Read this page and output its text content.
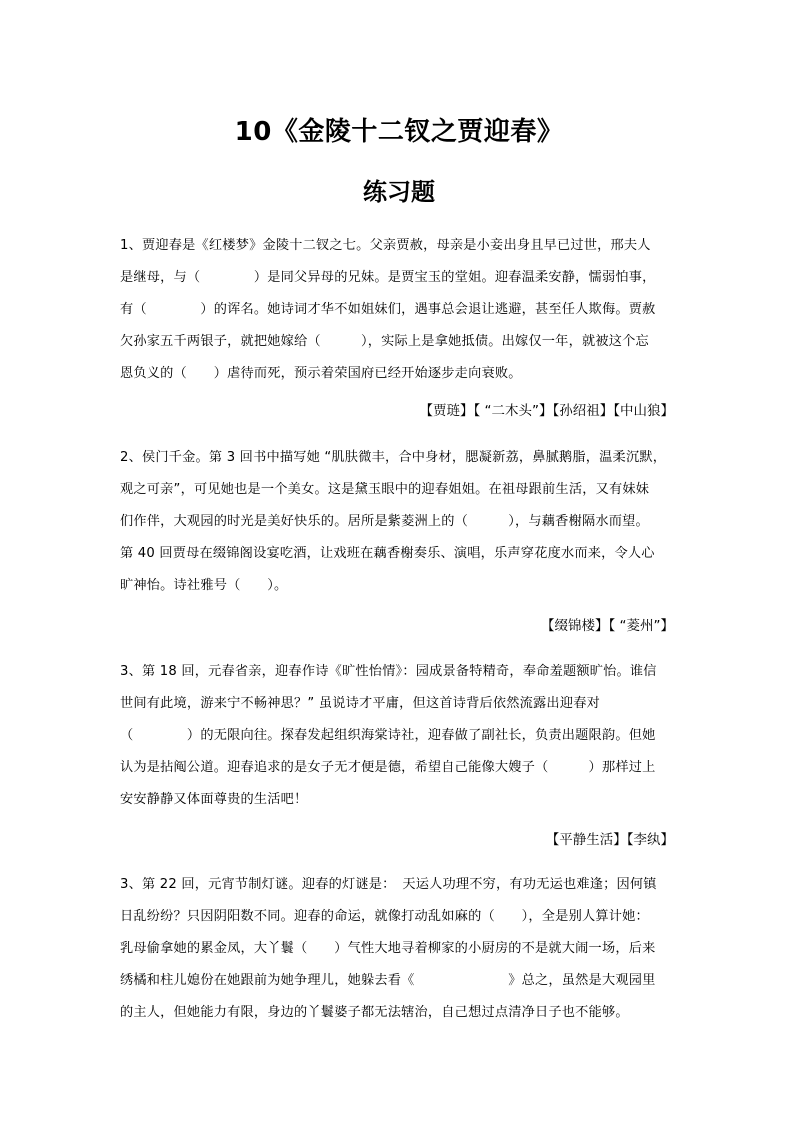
10《金陵十二钗之贾迎春》
练习题
1、贾迎春是《红楼梦》金陵十二钗之七。父亲贾赦，母亲是小妾出身且早已过世，邢夫人
是继母，与（　　　　）是同父异母的兄妹。是贾宝玉的堂姐。迎春温柔安静，懦弱怕事，
有（　　　　）的诨名。她诗词才华不如姐妹们，遇事总会退让逃避，甚至任人欺侮。贾赦
欠孙家五千两银子，就把她嫁给（　　　），实际上是拿她抵债。出嫁仅一年，就被这个忘
恩负义的（　　）虐待而死，预示着荣国府已经开始逐步走向衰败。
【贾琏】【 “二木头”】【孙绍祖】【中山狼】
2、侯门千金。第 3 回书中描写她 “肌肤微丰，合中身材，腮凝新荔，鼻腻鹅脂，温柔沉默，
观之可亲”，可见她也是一个美女。这是黛玉眼中的迎春姐姐。在祖母跟前生活，又有妹妹
们作伴，大观园的时光是美好快乐的。居所是紫菱洲上的（　　　），与藕香榭隔水而望。
第 40 回贾母在缀锦阁设宴吃酒，让戏班在藕香榭奏乐、演唱，乐声穿花度水而来，令人心
旷神怡。诗社雅号（　　）。
【缀锦楼】【 “菱州”】
3、第 18 回，元春省亲，迎春作诗《旷性怡情》：园成景备特精奇，奉命羞题额旷怡。谁信
世间有此境，游来宁不畅神思？” 虽说诗才平庸，但这首诗背后依然流露出迎春对
（　　　　）的无限向往。探春发起组织海棠诗社，迎春做了副社长，负责出题限韵。但她
认为是拈阄公道。迎春追求的是女子无才便是德，希望自己能像大嫂子（　　　）那样过上
安安静静又体面尊贵的生活吧！
【平静生活】【李纨】
3、第 22 回，元宵节制灯谜。迎春的灯谜是：　天运人功理不穷，有功无运也难逢；因何镇
日乱纷纷？只因阴阳数不同。迎春的命运，就像打动乱如麻的（　　），全是别人算计她：
乳母偷拿她的累金凤，大丫鬟（　　）气性大地寻着柳家的小厨房的不是就大闹一场，后来
绣橘和柱儿媳份在她跟前为她争理儿，她躲去看《　　　　　　　》总之，虽然是大观园里
的主人，但她能力有限，身边的丫鬟婆子都无法辖治，自己想过点清净日子也不能够。
